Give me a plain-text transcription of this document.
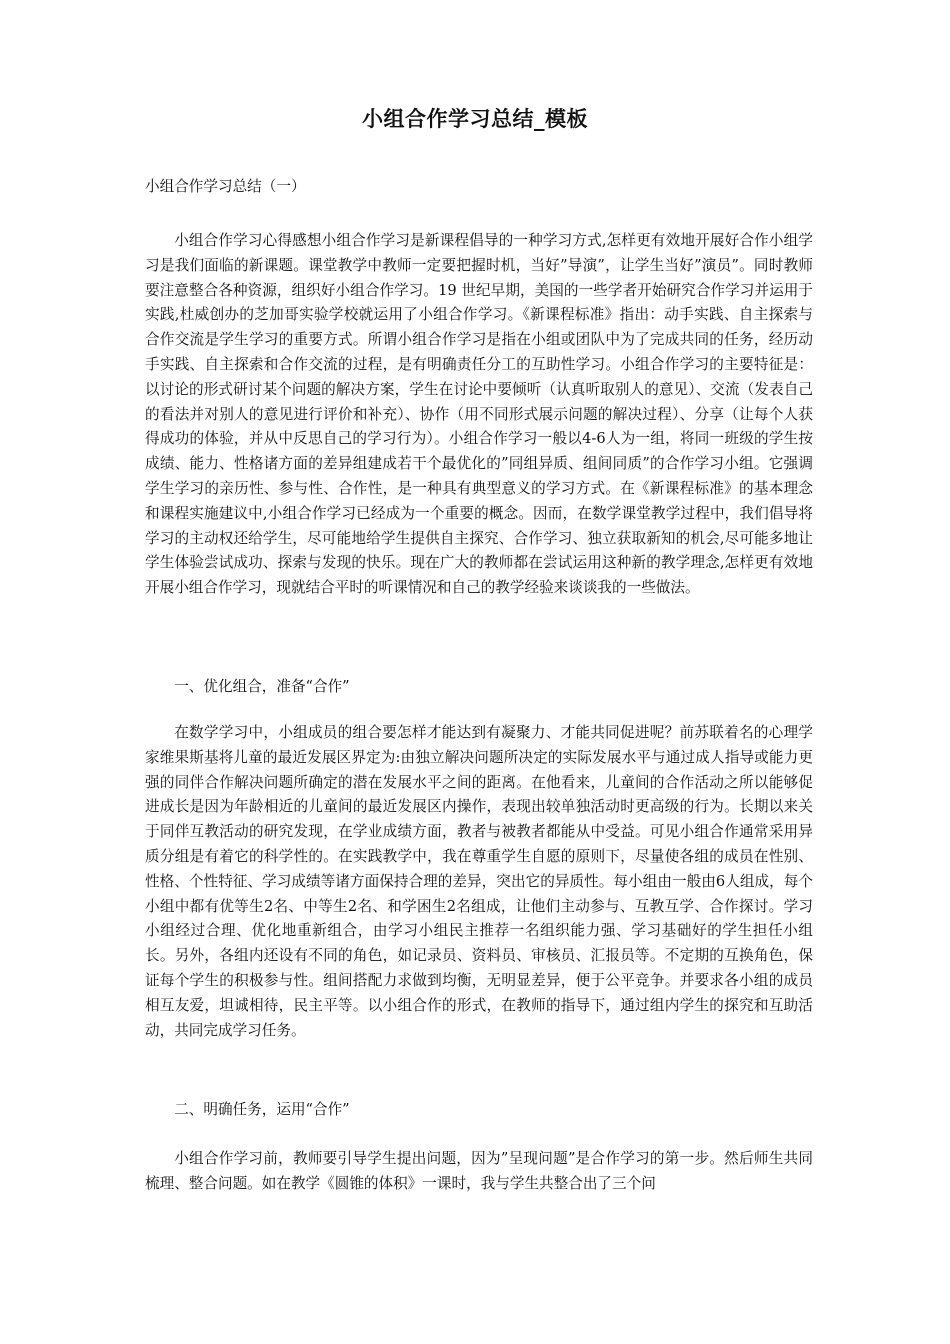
小组合作学习总结_模板

小组合作学习总结（一）

小组合作学习心得感想小组合作学习是新课程倡导的一种学习方式,怎样更有效地开展好合作小组学习是我们面临的新课题。课堂教学中教师一定要把握时机，当好”导演”，让学生当好”演员”。同时教师要注意整合各种资源，组织好小组合作学习。19 世纪早期，美国的一些学者开始研究合作学习并运用于实践,杜威创办的芝加哥实验学校就运用了小组合作学习。《新课程标准》指出：动手实践、自主探索与合作交流是学生学习的重要方式。所谓小组合作学习是指在小组或团队中为了完成共同的任务，经历动手实践、自主探索和合作交流的过程，是有明确责任分工的互助性学习。小组合作学习的主要特征是：以讨论的形式研讨某个问题的解决方案，学生在讨论中要倾听（认真听取别人的意见）、交流（发表自己的看法并对别人的意见进行评价和补充）、协作（用不同形式展示问题的解决过程）、分享（让每个人获得成功的体验，并从中反思自己的学习行为）。小组合作学习一般以4-6人为一组，将同一班级的学生按成绩、能力、性格诸方面的差异组建成若干个最优化的”同组异质、组间同质”的合作学习小组。它强调学生学习的亲历性、参与性、合作性，是一种具有典型意义的学习方式。在《新课程标准》的基本理念和课程实施建议中,小组合作学习已经成为一个重要的概念。因而，在数学课堂教学过程中，我们倡导将学习的主动权还给学生，尽可能地给学生提供自主探究、合作学习、独立获取新知的机会,尽可能多地让学生体验尝试成功、探索与发现的快乐。现在广大的教师都在尝试运用这种新的教学理念,怎样更有效地开展小组合作学习，现就结合平时的听课情况和自己的教学经验来谈谈我的一些做法。

一、优化组合，准备“合作”

在数学学习中，小组成员的组合要怎样才能达到有凝聚力、才能共同促进呢？前苏联着名的心理学家维果斯基将儿童的最近发展区界定为:由独立解决问题所决定的实际发展水平与通过成人指导或能力更强的同伴合作解决问题所确定的潜在发展水平之间的距离。在他看来，儿童间的合作活动之所以能够促进成长是因为年龄相近的儿童间的最近发展区内操作，表现出较单独活动时更高级的行为。长期以来关于同伴互教活动的研究发现，在学业成绩方面，教者与被教者都能从中受益。可见小组合作通常采用异质分组是有着它的科学性的。在实践教学中，我在尊重学生自愿的原则下，尽量使各组的成员在性别、性格、个性特征、学习成绩等诸方面保持合理的差异，突出它的异质性。每小组由一般由6人组成，每个小组中都有优等生2名、中等生2名、和学困生2名组成，让他们主动参与、互教互学、合作探讨。学习小组经过合理、优化地重新组合，由学习小组民主推荐一名组织能力强、学习基础好的学生担任小组长。另外，各组内还设有不同的角色，如记录员、资料员、审核员、汇报员等。不定期的互换角色，保证每个学生的积极参与性。组间搭配力求做到均衡，无明显差异，便于公平竞争。并要求各小组的成员相互友爱，坦诚相待，民主平等。以小组合作的形式，在教师的指导下，通过组内学生的探究和互助活动，共同完成学习任务。

二、明确任务，运用“合作”

小组合作学习前，教师要引导学生提出问题，因为”呈现问题”是合作学习的第一步。然后师生共同梳理、整合问题。如在教学《圆锥的体积》一课时，我与学生共整合出了三个问
